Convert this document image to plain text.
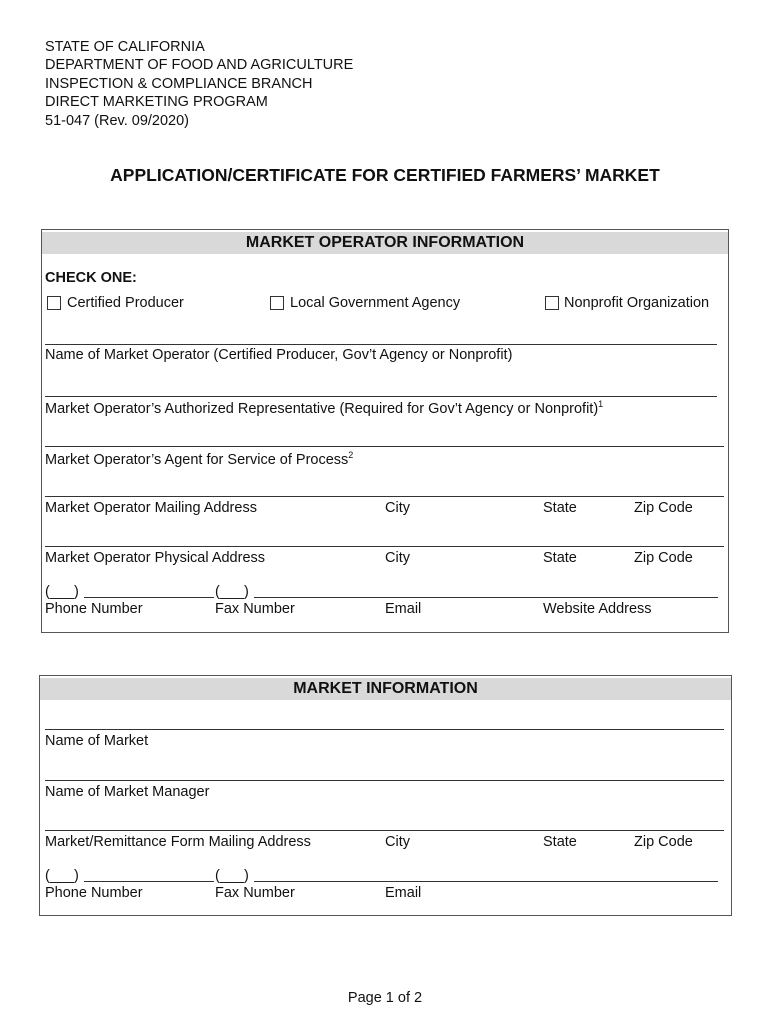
STATE OF CALIFORNIA
DEPARTMENT OF FOOD AND AGRICULTURE
INSPECTION & COMPLIANCE BRANCH
DIRECT MARKETING PROGRAM
51-047 (Rev. 09/2020)
APPLICATION/CERTIFICATE FOR CERTIFIED FARMERS’ MARKET
MARKET OPERATOR INFORMATION
CHECK ONE:
Certified Producer	Local Government Agency	Nonprofit Organization
Name of Market Operator (Certified Producer, Gov’t Agency or Nonprofit)
Market Operator’s Authorized Representative (Required for Gov’t Agency or Nonprofit)$^1$
Market Operator’s Agent for Service of Process$^2$
Market Operator Mailing Address	City	State	Zip Code
Market Operator Physical Address	City	State	Zip Code
(___)	(___)
Phone Number	Fax Number	Email	Website Address
MARKET INFORMATION
Name of Market
Name of Market Manager
Market/Remittance Form Mailing Address	City	State	Zip Code
(___)	(___)
Phone Number	Fax Number	Email
Page 1 of 2
